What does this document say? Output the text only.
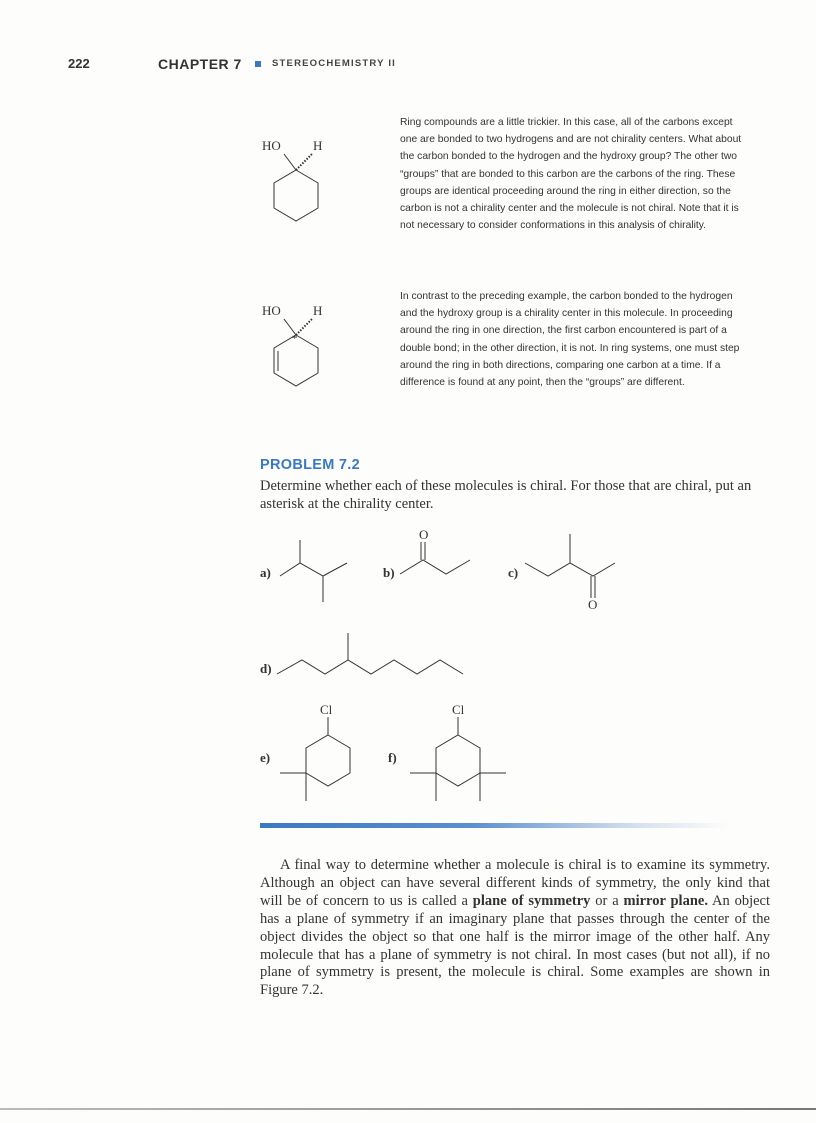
222	CHAPTER 7	STEREOCHEMISTRY II
HO H
Ring compounds are a little trickier. In this case, all of the carbons except one are bonded to two hydrogens and are not chirality centers. What about the carbon bonded to the hydrogen and the hydroxy group? The other two “groups” that are bonded to this carbon are the carbons of the ring. These groups are identical proceeding around the ring in either direction, so the carbon is not a chirality center and the molecule is not chiral. Note that it is not necessary to consider conformations in this analysis of chirality.
HO H
*
In contrast to the preceding example, the carbon bonded to the hydrogen and the hydroxy group is a chirality center in this molecule. In proceeding around the ring in one direction, the first carbon encountered is part of a double bond; in the other direction, it is not. In ring systems, one must step around the ring in both directions, comparing one carbon at a time. If a difference is found at any point, then the “groups” are different.
PROBLEM 7.2
Determine whether each of these molecules is chiral. For those that are chiral, put an asterisk at the chirality center.
a)	b)
O
c)
O
d)
e)
Cl
f)
Cl

A final way to determine whether a molecule is chiral is to examine its symmetry. Although an object can have several different kinds of symmetry, the only kind that will be of concern to us is called a plane of symmetry or a mirror plane. An object has a plane of symmetry if an imaginary plane that passes through the center of the object divides the object so that one half is the mirror image of the other half. Any molecule that has a plane of symmetry is not chiral. In most cases (but not all), if no plane of symmetry is present, the molecule is chiral. Some examples are shown in Figure 7.2.
